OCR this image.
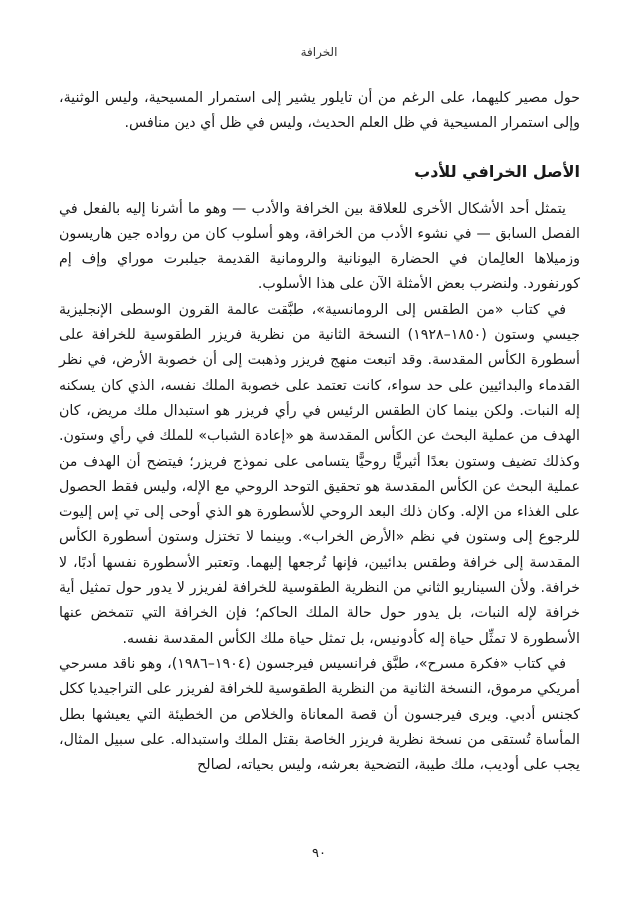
الخرافة

حول مصير كليهما، على الرغم من أن تايلور يشير إلى استمرار المسيحية، وليس الوثنية، وإلى استمرار المسيحية في ظل العلم الحديث، وليس في ظل أي دين منافس.

الأصل الخرافي للأدب

يتمثل أحد الأشكال الأخرى للعلاقة بين الخرافة والأدب — وهو ما أشرنا إليه بالفعل في الفصل السابق — في نشوء الأدب من الخرافة، وهو أسلوب كان من رواده جين هاريسون وزميلاها العالِمان في الحضارة اليونانية والرومانية القديمة جيلبرت موراي وإف إم كورنفورد. ولنضرب بعض الأمثلة الآن على هذا الأسلوب.

في كتاب «من الطقس إلى الرومانسية»، طبَّقت عالمة القرون الوسطى الإنجليزية جيسي وستون (١٨٥٠–١٩٢٨) النسخة الثانية من نظرية فريزر الطقوسية للخرافة على أسطورة الكأس المقدسة. وقد اتبعت منهج فريزر وذهبت إلى أن خصوبة الأرض، في نظر القدماء والبدائيين على حد سواء، كانت تعتمد على خصوبة الملك نفسه، الذي كان يسكنه إله النبات. ولكن بينما كان الطقس الرئيس في رأي فريزر هو استبدال ملك مريض، كان الهدف من عملية البحث عن الكأس المقدسة هو «إعادة الشباب» للملك في رأي وستون. وكذلك تضيف وستون بعدًا أثيريًّا روحيًّا يتسامى على نموذج فريزر؛ فيتضح أن الهدف من عملية البحث عن الكأس المقدسة هو تحقيق التوحد الروحي مع الإله، وليس فقط الحصول على الغذاء من الإله. وكان ذلك البعد الروحي للأسطورة هو الذي أوحى إلى تي إس إليوت للرجوع إلى وستون في نظم «الأرض الخراب». وبينما لا تختزل وستون أسطورة الكأس المقدسة إلى خرافة وطقس بدائيين، فإنها تُرجعها إليهما. وتعتبر الأسطورة نفسها أدبًا، لا خرافة. ولأن السيناريو الثاني من النظرية الطقوسية للخرافة لفريزر لا يدور حول تمثيل أية خرافة لإله النبات، بل يدور حول حالة الملك الحاكم؛ فإن الخرافة التي تتمخض عنها الأسطورة لا تمثِّل حياة إله كأدونيس، بل تمثل حياة ملك الكأس المقدسة نفسه.

في كتاب «فكرة مسرح»، طبَّق فرانسيس فيرجسون (١٩٠٤–١٩٨٦)، وهو ناقد مسرحي أمريكي مرموق، النسخة الثانية من النظرية الطقوسية للخرافة لفريزر على التراجيديا ككل كجنس أدبي. ويرى فيرجسون أن قصة المعاناة والخلاص من الخطيئة التي يعيشها بطل المأساة تُستقى من نسخة نظرية فريزر الخاصة بقتل الملك واستبداله. على سبيل المثال، يجب على أوديب، ملك طيبة، التضحية بعرشه، وليس بحياته، لصالح

٩٠
